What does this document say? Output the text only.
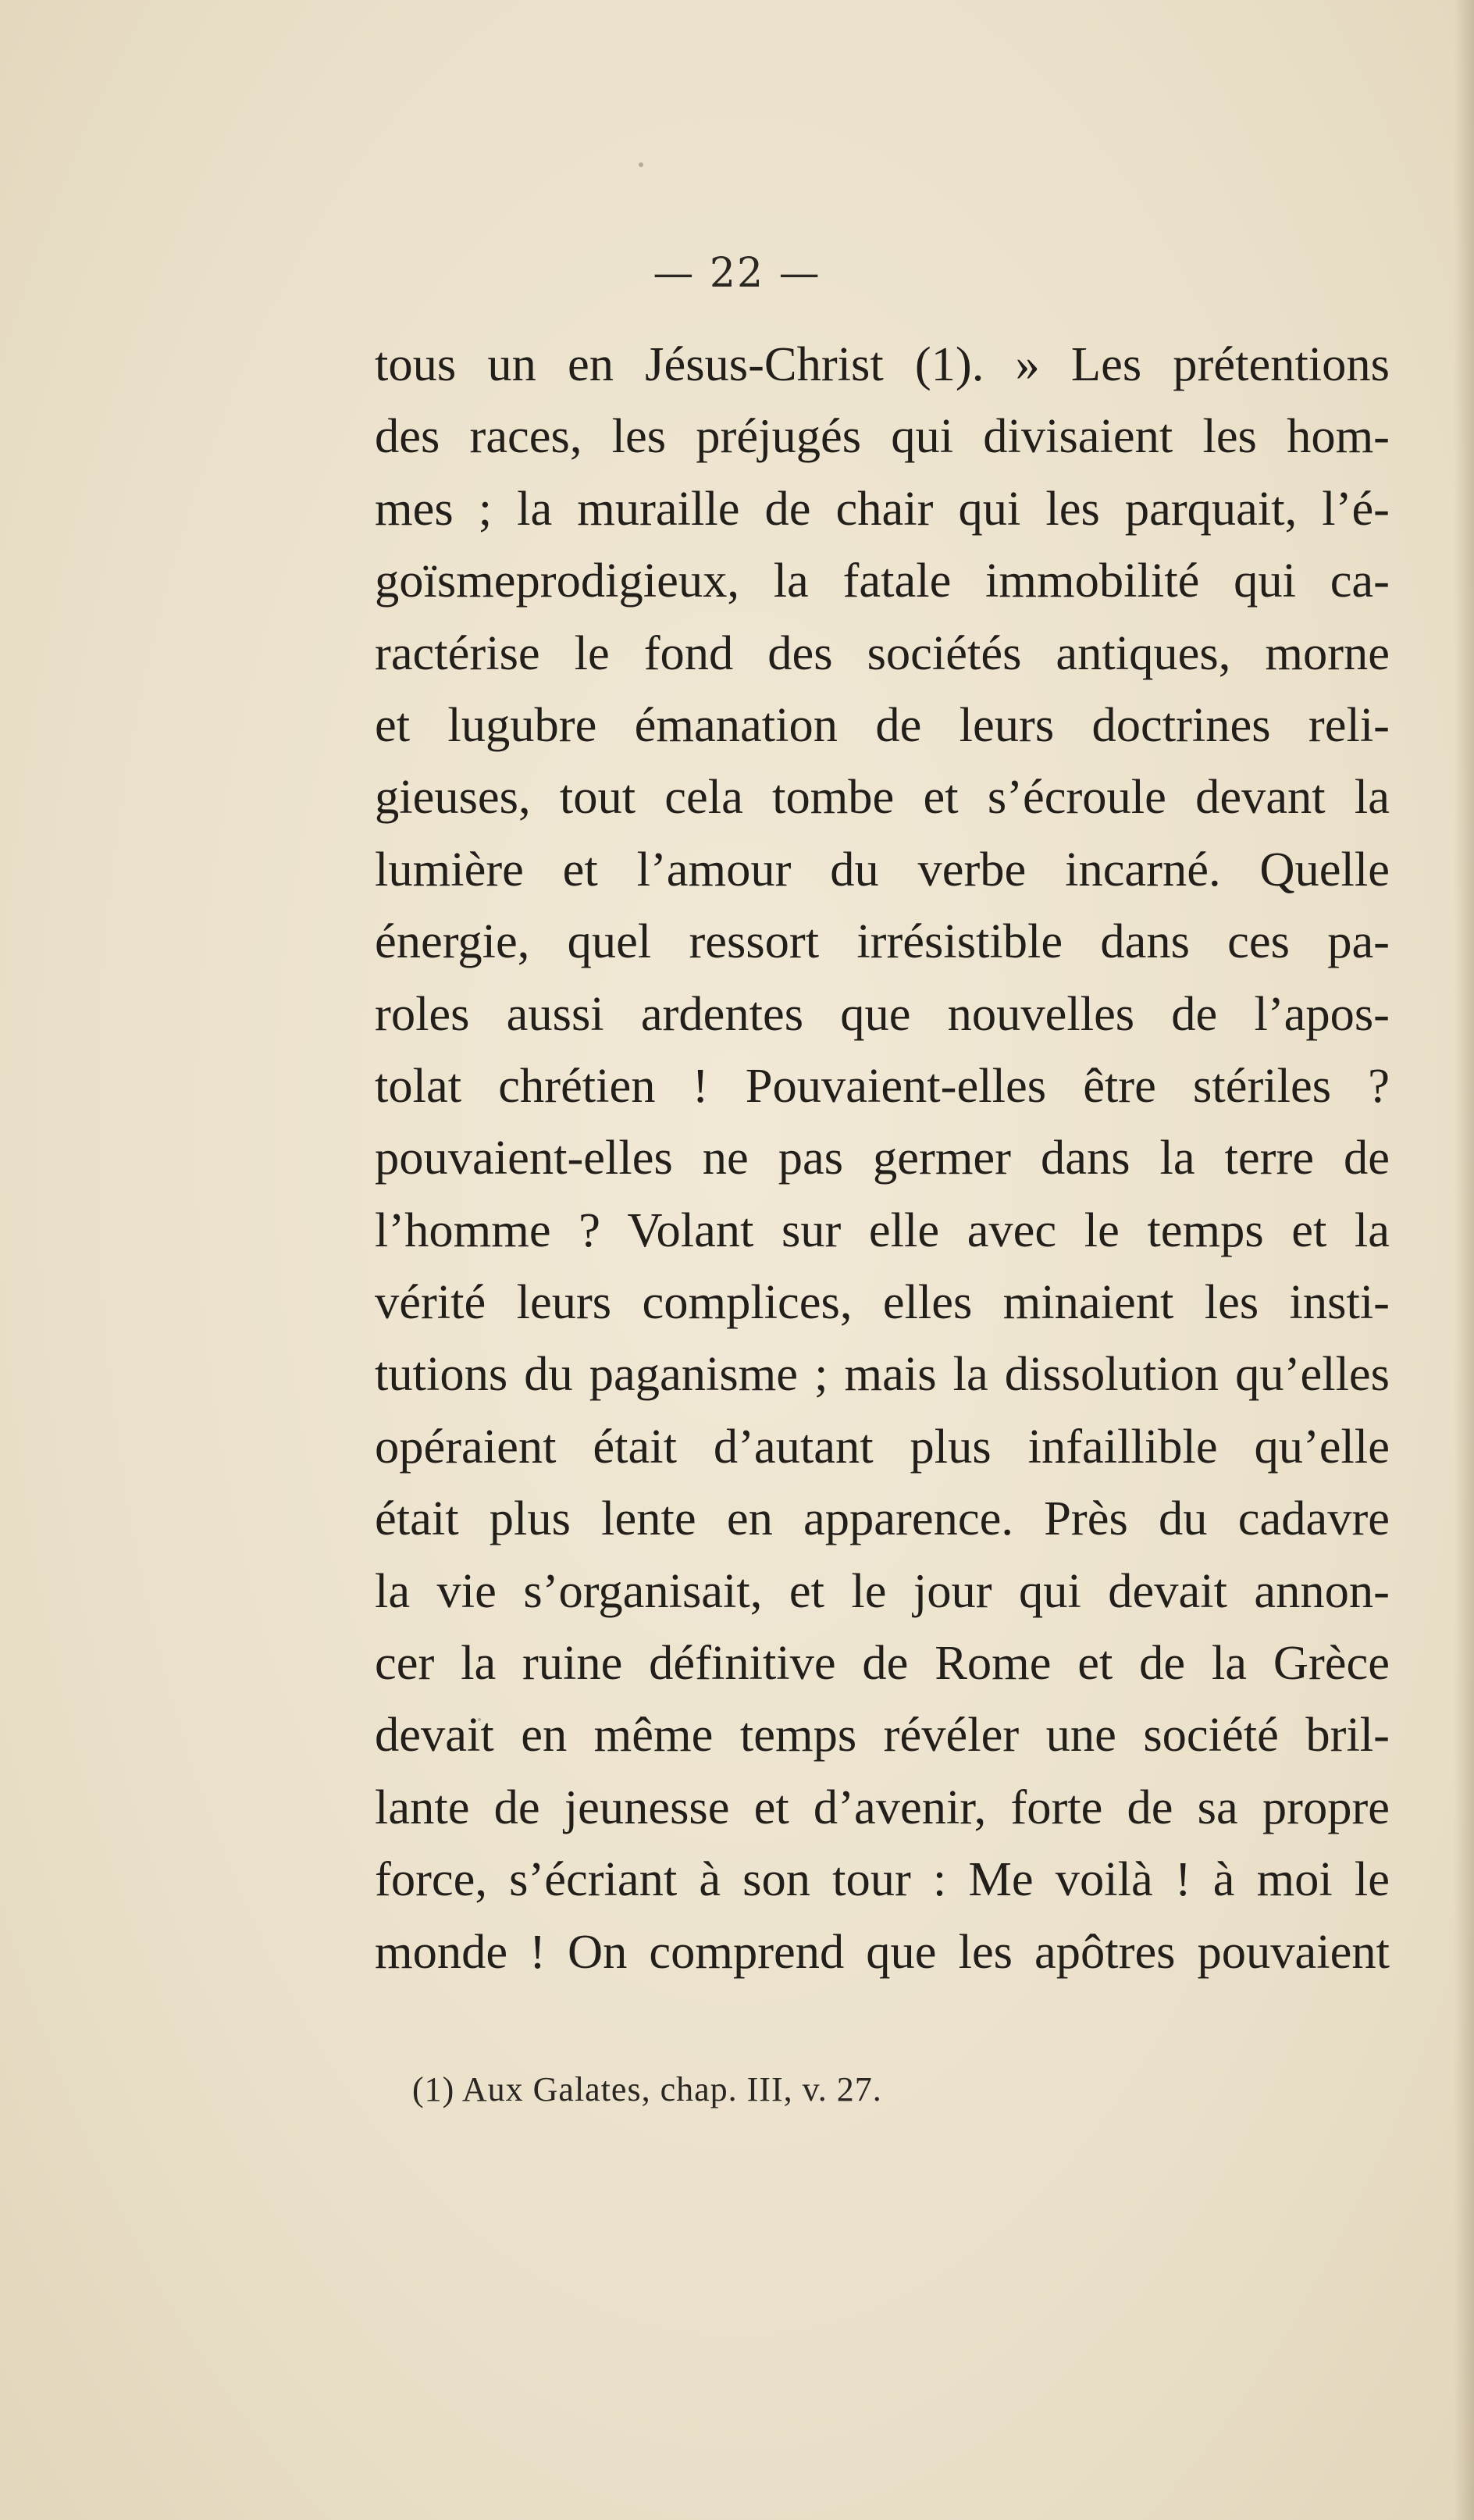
— 22 —
tous un en Jésus-Christ (1). » Les prétentions
des races, les préjugés qui divisaient les hom-
mes ; la muraille de chair qui les parquait, l’é-
goïsmeprodigieux, la fatale immobilité qui ca-
ractérise le fond des sociétés antiques, morne
et lugubre émanation de leurs doctrines reli-
gieuses, tout cela tombe et s’écroule devant la
lumière et l’amour du verbe incarné. Quelle
énergie, quel ressort irrésistible dans ces pa-
roles aussi ardentes que nouvelles de l’apos-
tolat chrétien ! Pouvaient-elles être stériles ?
pouvaient-elles ne pas germer dans la terre de
l’homme ? Volant sur elle avec le temps et la
vérité leurs complices, elles minaient les insti-
tutions du paganisme ; mais la dissolution qu’elles
opéraient était d’autant plus infaillible qu’elle
était plus lente en apparence. Près du cadavre
la vie s’organisait, et le jour qui devait annon-
cer la ruine définitive de Rome et de la Grèce
devait en même temps révéler une société bril-
lante de jeunesse et d’avenir, forte de sa propre
force, s’écriant à son tour : Me voilà ! à moi le
monde ! On comprend que les apôtres pouvaient
(1) Aux Galates, chap. III, v. 27.
